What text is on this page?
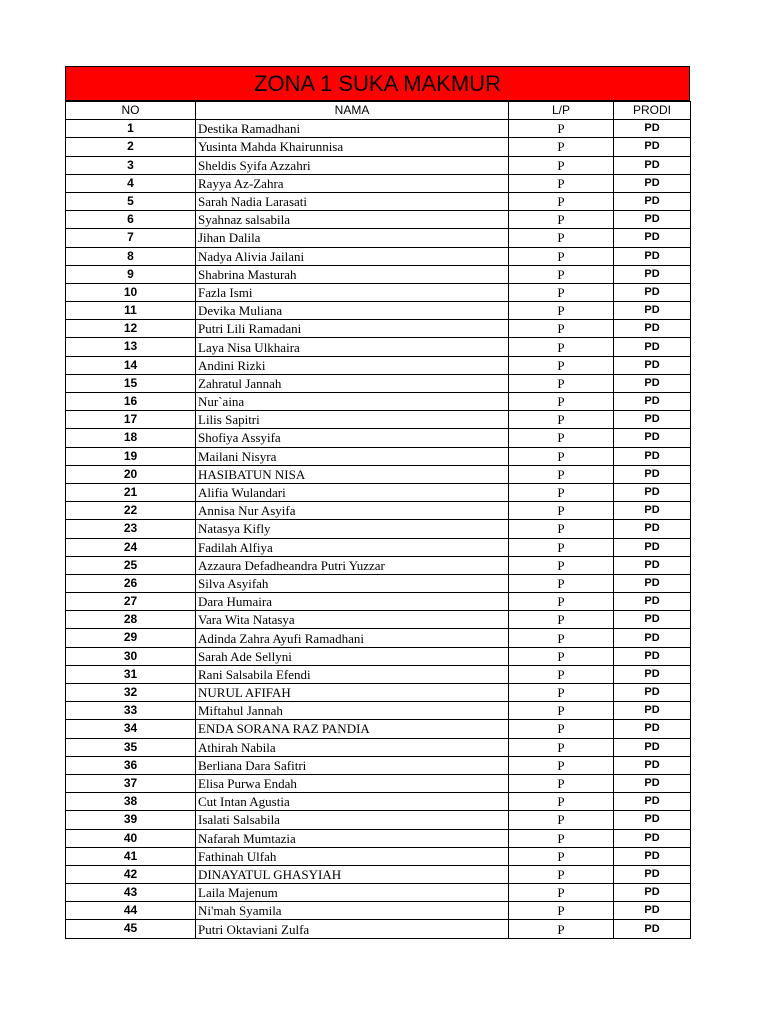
ZONA 1 SUKA MAKMUR
NO	NAMA	L/P	PRODI
1	Destika Ramadhani	P	PD
2	Yusinta Mahda Khairunnisa	P	PD
3	Sheldis Syifa Azzahri	P	PD
4	Rayya Az-Zahra	P	PD
5	Sarah Nadia Larasati	P	PD
6	Syahnaz salsabila	P	PD
7	Jihan Dalila	P	PD
8	Nadya Alivia Jailani	P	PD
9	Shabrina Masturah	P	PD
10	Fazla Ismi	P	PD
11	Devika Muliana	P	PD
12	Putri Lili Ramadani	P	PD
13	Laya Nisa Ulkhaira	P	PD
14	Andini Rizki	P	PD
15	Zahratul Jannah	P	PD
16	Nur`aina	P	PD
17	Lilis Sapitri	P	PD
18	Shofiya Assyifa	P	PD
19	Mailani Nisyra	P	PD
20	HASIBATUN NISA	P	PD
21	Alifia Wulandari	P	PD
22	Annisa Nur Asyifa	P	PD
23	Natasya Kifly	P	PD
24	Fadilah Alfiya	P	PD
25	Azzaura Defadheandra Putri Yuzzar	P	PD
26	Silva Asyifah	P	PD
27	Dara Humaira	P	PD
28	Vara Wita Natasya	P	PD
29	Adinda Zahra Ayufi Ramadhani	P	PD
30	Sarah Ade Sellyni	P	PD
31	Rani Salsabila Efendi	P	PD
32	NURUL AFIFAH	P	PD
33	Miftahul Jannah	P	PD
34	ENDA SORANA RAZ PANDIA	P	PD
35	Athirah Nabila	P	PD
36	Berliana Dara Safitri	P	PD
37	Elisa Purwa Endah	P	PD
38	Cut Intan Agustia	P	PD
39	Isalati Salsabila	P	PD
40	Nafarah Mumtazia	P	PD
41	Fathinah Ulfah	P	PD
42	DINAYATUL GHASYIAH	P	PD
43	Laila Majenum	P	PD
44	Ni'mah Syamila	P	PD
45	Putri Oktaviani Zulfa	P	PD
